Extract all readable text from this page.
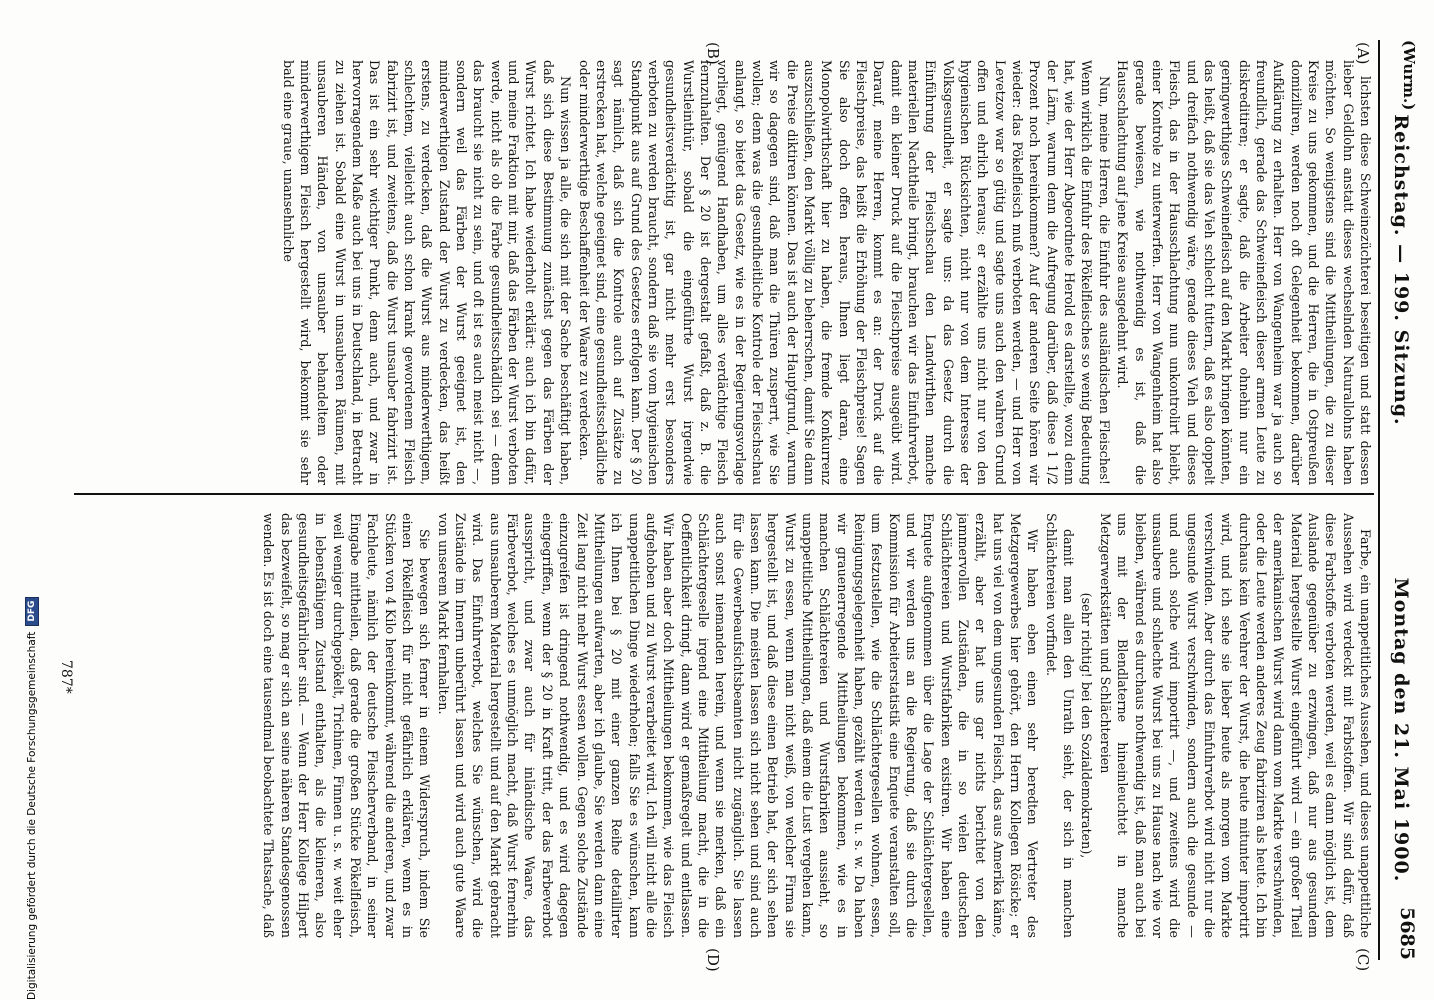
(Wurm.)
Reichstag. — 199. Sitzung.
Montag den 21. Mai 1900.
5685
(A)
(B)
(C)
(D)

lichsten diese Schweinezüchterei beseitigen und statt dessen lieber Geldlohn anstatt dieses wechselnden Naturallohns haben möchten. So wenigstens sind die Mittheilungen, die zu dieser Kreise zu uns gekommen, und die Herren, die in Ostpreußen domiziliren, werden noch oft Gelegenheit bekommen, darüber Aufklärung zu erhalten. Herr von Wangenheim war ja auch so freundlich, gerade das Schweinefleisch dieser armen Leute zu diskreditiren; er sagte, daß die Arbeiter ohnehin nur ein geringwerthiges Schweinefleisch auf den Markt bringen könnten, das heißt, daß sie das Vieh schlecht futtern, daß es also doppelt und dreifach nothwendig wäre, gerade dieses Vieh und dieses Fleisch, das in der Hausschlachtung nun unkontrolirt bleibt, einer Kontrole zu unterwerfen. Herr von Wangenheim hat also gerade bewiesen, wie nothwendig es ist, daß die Hausschlachtung auf jene Kreise ausgedehnt wird.

Nun, meine Herren, die Einfuhr des ausländischen Fleisches! Wenn wirklich die Einfuhr des Pökelfleisches so wenig Bedeutung hat, wie der Herr Abgeordnete Herold es darstellte, wozu denn der Lärm, warum denn die Aufregung darüber, daß diese 1 1/2 Prozent noch hereinkommen? Auf der anderen Seite hören wir wieder: das Pökelfleisch muß verboten werden, — und Herr von Levetzow war so gütig und sagte uns auch den wahren Grund offen und ehrlich heraus; er erzählte uns nicht nur von den hygienischen Rücksichten, nicht nur von dem Interesse der Volksgesundheit, er sagte uns: da das Gesetz durch die Einführung der Fleischschau den Landwirthen manche materiellen Nachtheile bringt, brauchen wir das Einfuhrverbot, damit ein kleiner Druck auf die Fleischpreise ausgeübt wird. Darauf, meine Herren, kommt es an: der Druck auf die Fleischpreise, das heißt die Erhöhung der Fleischpreise! Sagen Sie also doch offen heraus, Ihnen liegt daran, eine Monopolwirthschaft hier zu haben, die fremde Konkurrenz auszuschließen, den Markt völlig zu beherrschen, damit Sie dann die Preise diktiren können. Das ist auch der Hauptgrund, warum wir so dagegen sind, daß man die Thüren zusperrt, wie Sie wollen; denn was die gesundheitliche Kontrole der Fleischschau anlangt, so bietet das Gesetz, wie es in der Regierungsvorlage vorliegt, genügend Handhaben, um alles verdächtige Fleisch fernzuhalten. Der § 20 ist dergestalt gefaßt, daß z. B. die Wurstleinthür, sobald die eingeführte Wurst irgendwie gesundheitsverdächtig ist, gar nicht mehr erst besonders verboten zu werden braucht, sondern daß sie vom hygienischen Standpunkt aus auf Grund des Gesetzes erfolgen kann. Der § 20 sagt nämlich, daß sich die Kontrole auch auf Zusätze zu erstrecken hat, welche geeignet sind, eine gesundheitsschädliche oder minderwerthige Beschaffenheit der Waare zu verdecken.

Nun wissen ja alle, die sich mit der Sache beschäftigt haben, daß sich diese Bestimmung zunächst gegen das Färben der Wurst richtet. Ich habe wiederholt erklärt: auch ich bin dafür, und meine Fraktion mit mir, daß das Färben der Wurst verboten werde, nicht als ob die Farbe gesundheitsschädlich sei — denn das braucht sie nicht zu sein, und oft ist es auch meist nicht —, sondern weil das Färben der Wurst geeignet ist, den minderwerthigen Zustand der Wurst zu verdecken, das heißt erstens, zu verdecken, daß die Wurst aus minderwerthigem, schlechtem, vielleicht auch schon krank gewordenem Fleisch fabrizirt ist, und zweitens, daß die Wurst unsauber fabrizirt ist. Das ist ein sehr wichtiger Punkt, denn auch, und zwar in hervorragendem Maße auch bei uns in Deutschland, in Betracht zu ziehen ist. Sobald eine Wurst in unsauberen Räumen, mit unsauberen Händen, von unsauber behandeltem oder minderwerthigem Fleisch hergestellt wird, bekommt sie sehr bald eine graue, unansehnliche

Farbe, ein unappetitliches Aussehen, und dieses unappetitliche Aussehen wird verdeckt mit Farbstoffen. Wir sind dafür, daß diese Farbstoffe verboten werden, weil es dann möglich ist, dem Auslande gegenüber zu erzwingen, daß nur aus gesundem Material hergestellte Wurst eingeführt wird — ein großer Theil der amerikanischen Wurst wird dann vom Markte verschwinden, oder die Leute werden anderes Zeug fabriziren als heute. Ich bin durchaus kein Verehrer der Wurst, die heute mitunter importirt wird, und ich sehe sie lieber heute als morgen vom Markte verschwinden. Aber durch das Einfuhrverbot wird nicht nur die ungesunde Wurst verschwinden, sondern auch die gesunde — und auch solche wird importirt —, und zweitens wird die unsaubere und schlechte Wurst bei uns zu Hause nach wie vor bleiben, während es durchaus nothwendig ist, daß man auch bei uns mit der Blendlaterne hineinleuchtet in manche Metzgerwerkstätten und Schlächtereien

(sehr richtig! bei den Sozialdemokraten),

damit man allen den Unrath sieht, der sich in manchen Schlächtereien vorfindet.

Wir haben eben einen sehr beredten Vertreter des Metzgergewerbes hier gehört, den Herrn Kollegen Rösicke; er hat uns viel von dem ungesunden Fleisch, das aus Amerika käme, erzählt, aber er hat uns gar nichts berichtet von den jammervollen Zuständen, die in so vielen deutschen Schlächtereien und Wurstfabriken existiren. Wir haben eine Enquete aufgenommen über die Lage der Schlächtergesellen, und wir werden uns an die Regierung, daß sie durch die Kommission für Arbeiterstatistik eine Enquete veranstalten soll, um festzustellen, wie die Schlächtergesellen wohnen, essen, Reinigungsgelegenheit haben, gezählt werden u. s. w. Da haben wir grauenerregende Mittheilungen bekommen, wie es in manchen Schlächtereien und Wurstfabriken aussieht, so unappetitliche Mittheilungen, daß einem die Lust vergehen kann, Wurst zu essen, wenn man nicht weiß, von welcher Firma sie hergestellt ist, und daß diese einen Betrieb hat, der sich sehen lassen kann. Die meisten lassen sich nicht sehen und sind auch für die Gewerbeaufsichtsbeamten nicht zugänglich. Sie lassen auch sonst niemanden herein, und wenn sie merken, daß ein Schlächtergeselle irgend eine Mittheilung macht, die in die Oeffentlichkeit dringt, dann wird er gemaßregelt und entlassen. Wir haben aber doch Mittheilungen bekommen, wie das Fleisch aufgehoben und zu Wurst verarbeitet wird. Ich will nicht alle die unappetitlichen Dinge wiederholen; falls Sie es wünschen, kann ich Ihnen bei § 20 mit einer ganzen Reihe detaillirter Mittheilungen aufwarten, aber ich glaube, Sie werden dann eine Zeit lang nicht mehr Wurst essen wollen. Gegen solche Zustände einzugreifen ist dringend nothwendig, und es wird dagegen eingegriffen, wenn der § 20 in Kraft tritt, der das Farbeverbot ausspricht, und zwar auch für inländische Waare, das Färbeverbot, welches es unmöglich macht, daß Wurst fernerhin aus unsauberem Material hergestellt und auf den Markt gebracht wird. Das Einfuhrverbot, welches Sie wünschen, wird die Zustände im Innern unberührt lassen und wird auch gute Waare von unserem Markt fernhalten.

Sie bewegen sich ferner in einem Widerspruch, indem Sie einen Pökelfleisch für nicht gefährlich erklären, wenn es in Stücken von 4 Kilo hereinkommt, während die anderen, und zwar Fachleute, nämlich der deutsche Fleischerverband, in seiner Eingabe mittheilen, daß gerade die großen Stücke Pökelfleisch, weil weniger durchgepökelt, Trichinen, Finnen u. s. w. weit eher in lebensfähigem Zustand enthalten, als die kleineren, also gesundheitsgefährlicher sind. — Wenn der Herr Kollege Hilpert das bezweifelt, so mag er sich an seine näheren Standesgenossen wenden. Es ist doch eine tausendmal beobachtete Thatsache, daß

787*
Digitalisierung gefördert durch die Deutsche Forschungsgemeinschaft
DFG
